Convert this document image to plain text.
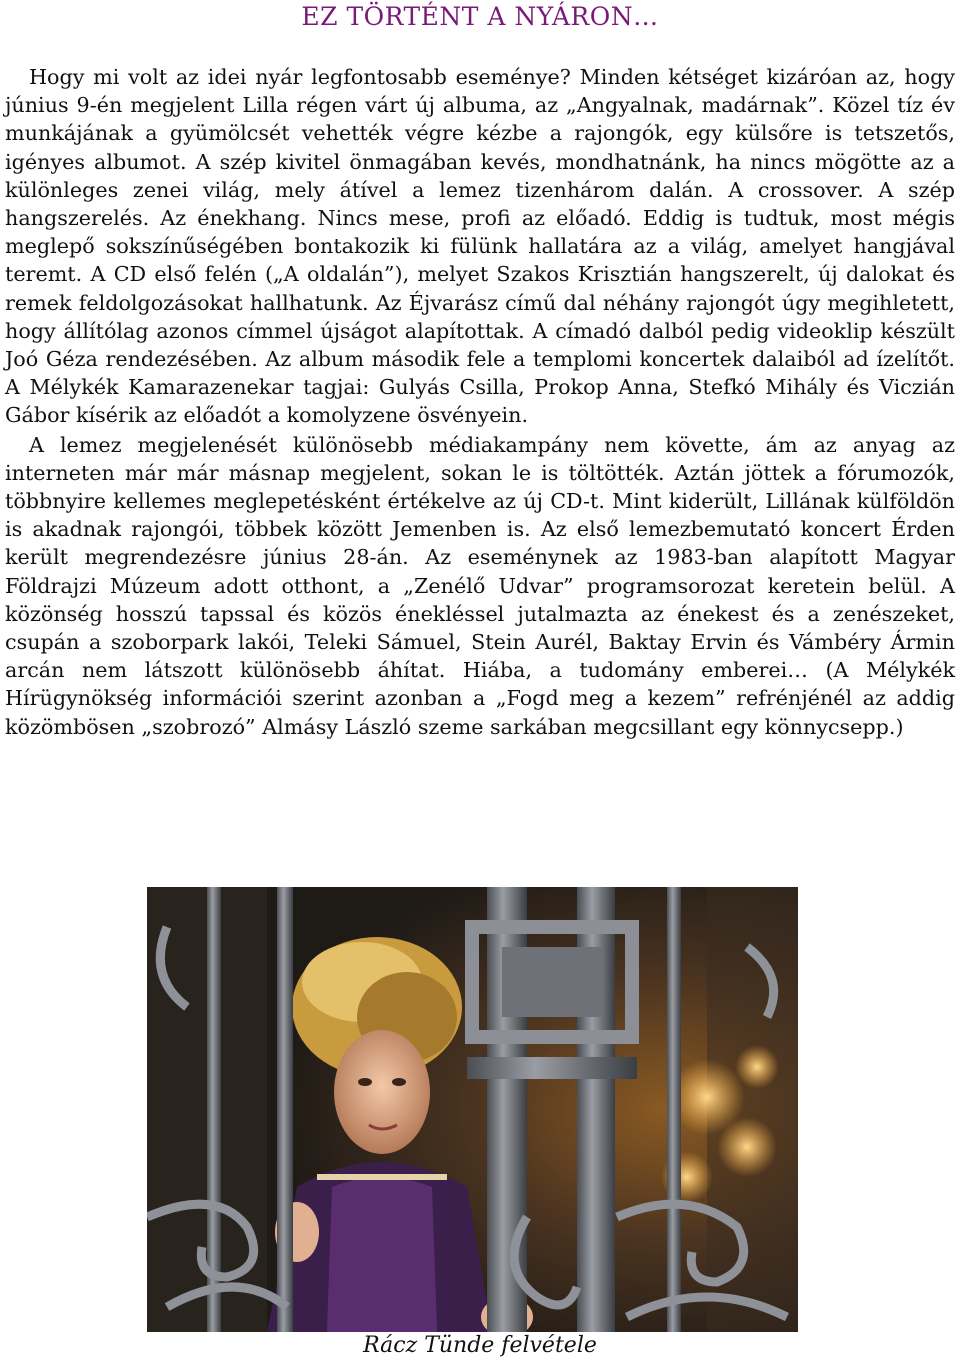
EZ TÖRTÉNT A NYÁRON…

Hogy mi volt az idei nyár legfontosabb eseménye? Minden kétséget kizáróan az, hogy június 9-én megjelent Lilla régen várt új albuma, az „Angyalnak, madárnak”. Közel tíz év munkájának a gyümölcsét vehették végre kézbe a rajongók, egy külsőre is tetszetős, igényes albumot. A szép kivitel önmagában kevés, mondhatnánk, ha nincs mögötte az a különleges zenei világ, mely átível a lemez tizenhárom dalán. A crossover. A szép hangszerelés. Az énekhang. Nincs mese, profi az előadó. Eddig is tudtuk, most mégis meglepő sokszínűségében bontakozik ki fülünk hallatára az a világ, amelyet hangjával teremt. A CD első felén („A oldalán”), melyet Szakos Krisztián hangszerelt, új dalokat és remek feldolgozásokat hallhatunk. Az Éjvarász című dal néhány rajongót úgy megihletett, hogy állítólag azonos címmel újságot alapítottak. A címadó dalból pedig videoklip készült Joó Géza rendezésében. Az album második fele a templomi koncertek dalaiból ad ízelítőt. A Mélykék Kamarazenekar tagjai: Gulyás Csilla, Prokop Anna, Stefkó Mihály és Viczián Gábor kísérik az előadót a komolyzene ösvényein.

A lemez megjelenését különösebb médiakampány nem követte, ám az anyag az interneten már már másnap megjelent, sokan le is töltötték. Aztán jöttek a fórumozók, többnyire kellemes meglepetésként értékelve az új CD-t. Mint kiderült, Lillának külföldön is akadnak rajongói, többek között Jemenben is. Az első lemezbemutató koncert Érden került megrendezésre június 28-án. Az eseménynek az 1983-ban alapított Magyar Földrajzi Múzeum adott otthont, a „Zenélő Udvar” programsorozat keretein belül. A közönség hosszú tapssal és közös énekléssel jutalmazta az énekest és a zenészeket, csupán a szoborpark lakói, Teleki Sámuel, Stein Aurél, Baktay Ervin és Vámbéry Ármin arcán nem látszott különösebb áhítat. Hiába, a tudomány emberei… (A Mélykék Hírügynökség információi szerint azonban a „Fogd meg a kezem” refrénjénél az addig közömbösen „szobrozó” Almásy László szeme sarkában megcsillant egy könnycsepp.)

Rácz Tünde felvétele
